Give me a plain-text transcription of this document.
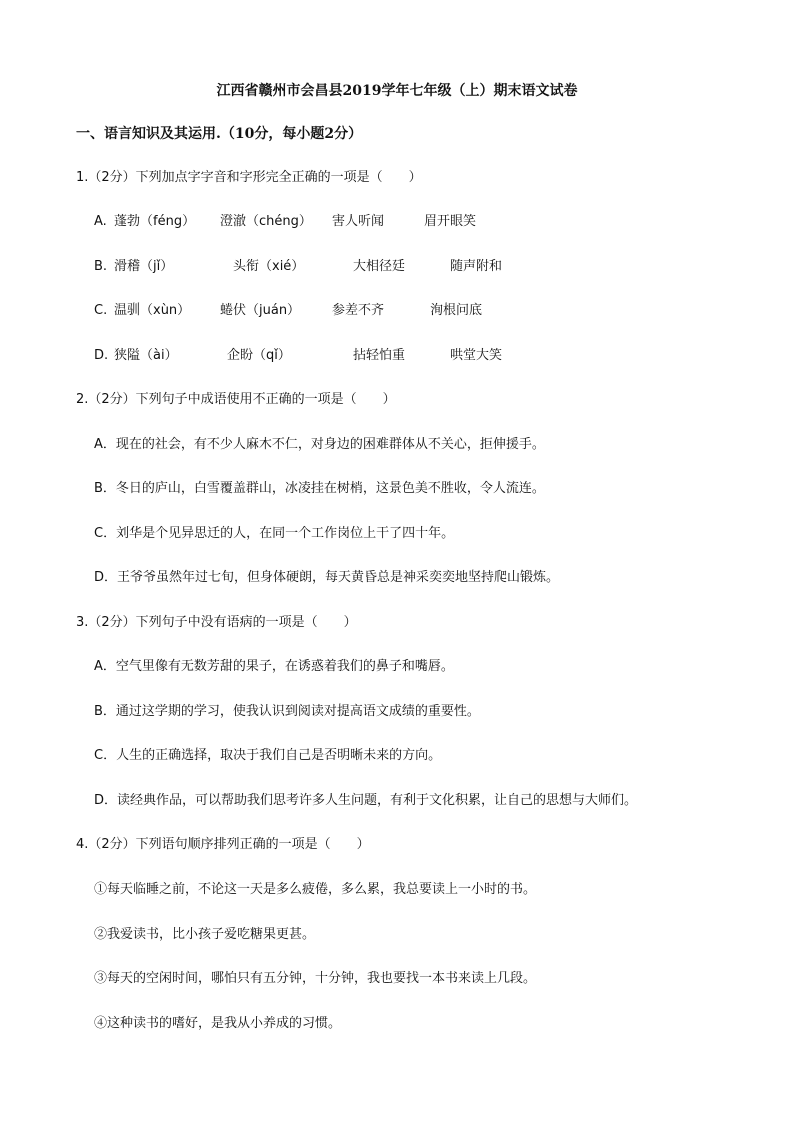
江西省赣州市会昌县2019学年七年级（上）期末语文试卷
一、语言知识及其运用.（10分，每小题2分）
1.（2分）下列加点字字音和字形完全正确的一项是（　　）
A. 蓬勃（féng） 澄澈（chéng） 害人听闻	眉开眼笑
B. 滑稽（jǐ）	头衔（xié）	大相径廷	随声附和
C. 温驯（xùn） 蜷伏（juán） 参差不齐	洵根问底
D. 狭隘（ài）	企盼（qǐ）	拈轻怕重	哄堂大笑
2.（2分）下列句子中成语使用不正确的一项是（　　）
A．现在的社会，有不少人麻木不仁，对身边的困难群体从不关心，拒伸援手。
B．冬日的庐山，白雪覆盖群山，冰凌挂在树梢，这景色美不胜收，令人流连。
C．刘华是个见异思迁的人，在同一个工作岗位上干了四十年。
D．王爷爷虽然年过七旬，但身体硬朗，每天黄昏总是神采奕奕地坚持爬山锻炼。
3.（2分）下列句子中没有语病的一项是（　　）
A．空气里像有无数芳甜的果子，在诱惑着我们的鼻子和嘴唇。
B．通过这学期的学习，使我认识到阅读对提高语文成绩的重要性。
C．人生的正确选择，取决于我们自己是否明晰未来的方向。
D．读经典作品，可以帮助我们思考许多人生问题，有利于文化积累，让自己的思想与大师们。
4.（2分）下列语句顺序排列正确的一项是（　　）
①每天临睡之前，不论这一天是多么疲倦，多么累，我总要读上一小时的书。
②我爱读书，比小孩子爱吃糖果更甚。
③每天的空闲时间，哪怕只有五分钟，十分钟，我也要找一本书来读上几段。
④这种读书的嗜好，是我从小养成的习惯。
